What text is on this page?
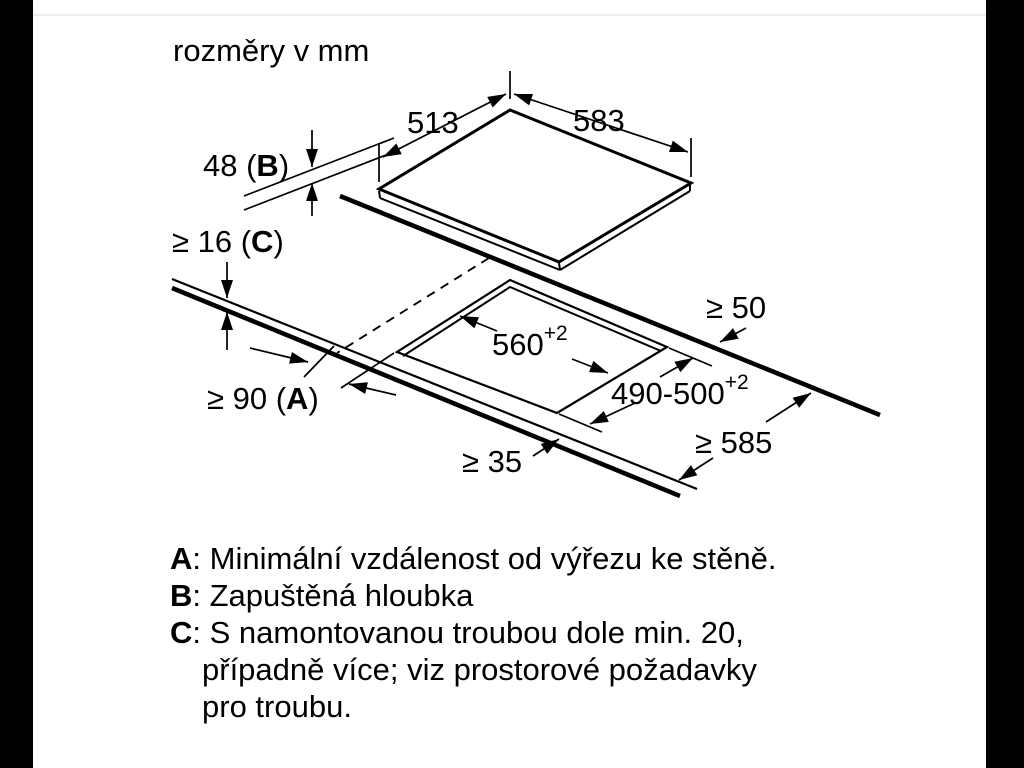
rozměry v mm
513	583
48 (B)
≥ 16 (C)
≥ 90 (A)
≥ 50
$560^{+2}$
$490-500^{+2}$
≥ 585
≥ 35
A: Minimální vzdálenost od výřezu ke stěně.
B: Zapuštěná hloubka
C: S namontovanou troubou dole min. 20,
případně více; viz prostorové požadavky
pro troubu.
